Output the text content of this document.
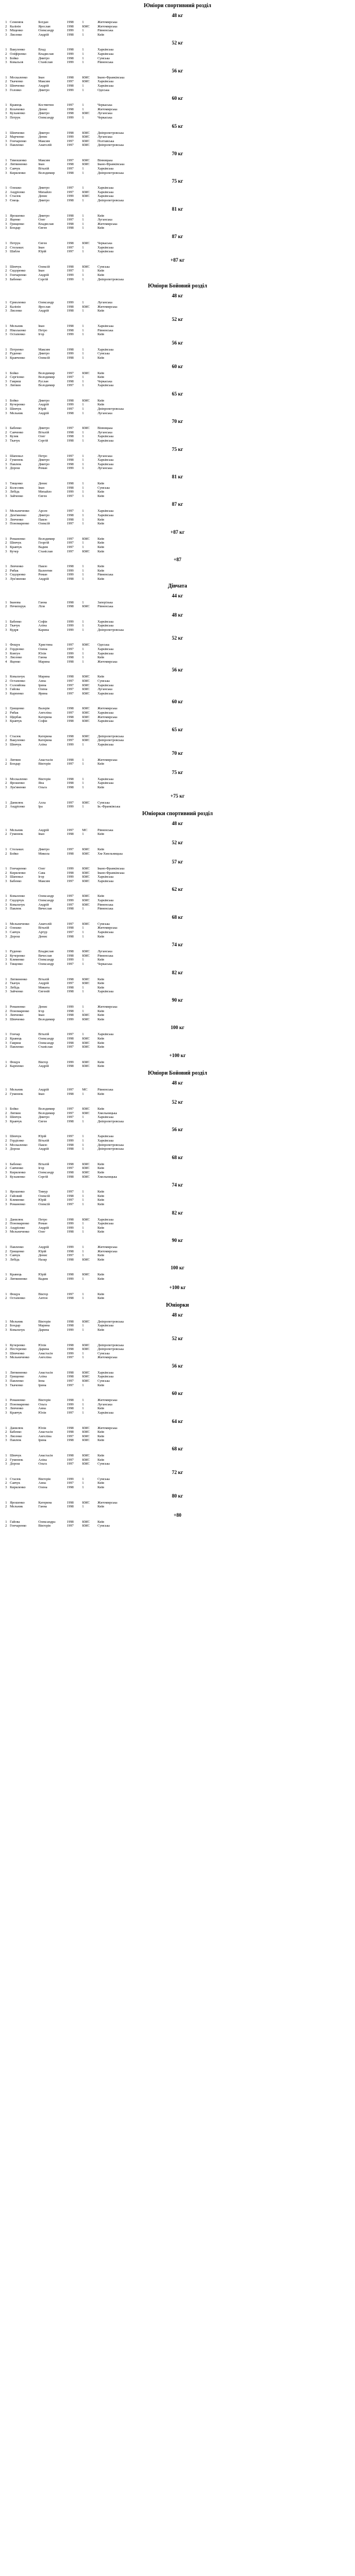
Юніори спортивний розділ
48 кг
1	Семенюк	Богдан	1998	1	Житомирська
2	Калінін	Ярослав	1998	КМС	Житомирська
3	Міщенко	Олександр	1999	1	Рівненська
3	Лисенко	Андрій	1998	1	Київ
52 кг
1	Вакуленко	Влад	1998	1	Харківська
2	Оліфіренко	Владислав	1999	1	Харківська
3	Бойко	Дмитро	1998	1	Сумська
3	Ковальов	Станіслав	1999	1	Рівненська
56 кг
1	Москаленко	Іван	1998	КМС	Івано-Франківська
2	Ткаченко	Максим	1997	КМС	Харківська
3	Шевченко	Андрій	1998	1	Харківська
3	Головко	Дмитро	1999	1	Одеська
60 кг
1	Кравець	Костянтин	1997	1	Черкаська
2	Козаченко	Денис	1998	1	Житомирська
3	Кузьменко	Дмитро	1998	КМС	Луганська
3	Петрук	Олександр	1999	1	Черкаська
65 кг
1	Шевченко	Дмитро	1998	КМС	Дніпропетровська
2	Марченко	Денис	1999	КМС	Луганська
3	Гончаренко	Максим	1997	КМС	Полтавська
3	Павленко	Анатолій	1997	КМС	Дніпропетровська
70 кг
1	Тимошенко	Максим	1997	КМС	Вінницька
2	Литвиненко	Іван	1998	КМС	Івано-Франківська
3	Савчук	Віталій	1997	1	Харківська
3	Кириленко	Володимир	1998	1	Дніпропетровська
75 кг
1	Олешко	Дмитро	1997	1	Харківська
2	Андрієнко	Михайло	1997	КМС	Харківська
3	Стасюк	Денис	1999	КМС	Харківська
3	Ємець	Дмитро	1998	1	Дніпропетровська
81 кг
1	Ярошенко	Дмитро	1998	1	Київ
2	Яценко	Олег	1997	1	Луганська
3	Грищенко	Владислав	1998	1	Житомирська
3	Бондар	Євген	1998	1	Київ
87 кг
1	Петрук	Євген	1998	КМС	Черкаська
2	Стельмах	Іван	1997	1	Харківська
3	Шабля	Юрій	1997	1	Харківська
+87 кг
1	Шевчук	Олексій	1998	КМС	Сумська
2	Сидоренко	Іван	1997	1	Київ
3	Гончаренко	Андрій	1999	1	Київ
3	Бабенко	Сергій	1999	1	Дніпропетровська
Юніори Бойовий розділ
48 кг
1	Єрмоленко	Олександр	1999	1	Луганська
2	Калінін	Ярослав	1998	КМС	Житомирська
3	Лисенко	Андрій	1998	1	Київ
52 кг
1	Мельник	Іван	1998	1	Харківська
2	Ніколаєнко	Петро	1998	1	Рівненська
3	Остапенко	Ігор	1999	1	Київ
56 кг
1	Петренко	Максим	1998	1	Харківська
2	Руденко	Дмитро	1999	1	Сумська
3	Кравченко	Олексій	1998	1	Київ
60 кг
1	Бойко	Володимир	1997	КМС	Київ
2	Сергієнко	Володимир	1997	1	Київ
3	Гавриш	Руслан	1998	1	Черкаська
3	Литвин	Володимир	1997	1	Харківська
65 кг
1	Бойко	Дмитро	1998	КМС	Київ
2	Кучеренко	Андрій	1999	1	Київ
3	Шевчук	Юрій	1997	1	Дніпропетровська
3	Мельник	Андрій	1998	1	Луганська
70 кг
1	Бабенко	Дмитро	1997	КМС	Вінницька
2	Савченко	Віталій	1998	1	Луганська
3	Кузик	Олег	1998	1	Харківська
3	Ткачук	Сергій	1998	1	Харківська
75 кг
1	Шаповал	Петро	1997	1	Луганська
2	Гуменюк	Дмитро	1998	1	Харківська
3	Павлюк	Дмитро	1998	1	Харківська
3	Дорош	Роман	1999	1	Луганська
81 кг
1	Тищенко	Денис	1998	1	Київ
2	Колесник	Іван	1998	1	Сумська
3	Лебідь	Михайло	1999	1	Київ
3	Зайченко	Євген	1997	1	Київ
87 кг
1	Мельниченко	Арсен	1997	1	Харківська
2	Дем'яненко	Дмитро	1998	1	Харківська
3	Левченко	Павло	1998	1	Київ
3	Пономаренко	Олексій	1997	1	Київ
+87 кг
1	Романенко	Володимир	1997	КМС	Київ
2	Шевчук	Георгій	1997	1	Київ
3	Кравчук	Вадим	1997	1	Київ
3	Кучер	Станіслав	1997	КМС	Київ
+87
1	Левченко	Павло	1998	1	Київ
2	Рибак	Валентин	1999	1	Київ
3	Сидоренко	Роман	1999	1	Рівненська
3	Лук'яненко	Андрій	1998	1	Київ
Дівчата
44 кг
1	Іванова	Ганна	1998	1	Запорізька
2	Нечипорук	Ліля	1998	КМС	Рівненська
48 кг
1	Бабенко	Софія	1999	1	Харківська
2	Ткачук	Аліна	1999	1	Харківська
3	Кудря	Карина	1999	1	Дніпропетровська
52 кг
1	Фещук	Христина	1997	КМС	Одеська
2	Гордієнко	Олена	1997	1	Харківська
3	Ковтун	Юлія	1999	1	Харківська
3	Лисенко	Ганна	1998	1	Київ
4	Яценко	Марина	1998	1	Житомирська
56 кг
1	Ковальчук	Марина	1998	КМС	Київ
2	Остапенко	Анна	1997	КМС	Сумська
3	Соловйова	Ірина	1997	КМС	Харківська
3	Гайова	Олена	1997	КМС	Луганська
3	Карпенко	Ярина	1997	КМС	Харківська
60 кг
1	Грищенко	Валерія	1998	КМС	Житомирська
2	Рибак	Ангеліна	1997	КМС	Харківська
3	Щербак	Катерина	1998	КМС	Житомирська
3	Кравчук	Софія	1998	КМС	Харківська
65 кг
1	Стасюк	Катерина	1998	КМС	Дніпропетровська
2	Вакуленко	Катерина	1997	КМС	Дніпропетровська
3	Шевчук	Аліна	1999	1	Харківська
70 кг
1	Литвин	Анастасія	1998	1	Житомирська
2	Бондар	Вікторія	1997	1	Київ
75 кг
1	Москаленко	Вікторія	1998	1	Харківська
2	Ярошенко	Яна	1998	1	Харківська
3	Лук'яненко	Ольга	1998	1	Київ
+75 кг
1	Данилюк	Алла	1997	КМС	Сумська
2	Андрієнко	Іра	1999	1	Ів.-Франківська
Юніорки спортивний розділ
48 кг
1	Мельник	Андрій	1997	МС	Рівненська
2	Гуменюк	Іван	1998	1	Київ
52 кг
1	Стельмах	Дмитро	1997	КМС	Київ
2	Бойко	Микола	1998	КМС	Хм-Хмельницька
57 кг
1	Гончаренко	Олег	1999	КМС	Івано-Франківська
2	Кириленко	Сава	1998	КМС	Івано-Франківська
3	Шаповал	Ігор	1999	КМС	Харківська
3	Бабенко	Максим	1997	КМС	Харківська
62 кг
1	Коваленко	Олександр	1997	КМС	Київ
2	Сидорчук	Олександр	1999	КМС	Харківська
3	Ковальчук	Андрій	1997	КМС	Рівненська
3	Павлюк	Вячеслав	1998	1	Рівненська
68 кг
1	Мельниченко	Анатолій	1997	КМС	Сумська
2	Олешко	Віталій	1998	1	Житомирська
3	Савчук	Артур	1997	1	Харківська
3	Дорош	Денис	1998	1	Київ
74 кг
1	Руденко	Владислав	1998	КМС	Луганська
2	Кучеренко	Вячеслав	1998	КМС	Рівненська
3	Клименко	Олександр	1999	1	Київ
3	Тищенко	Олександр	1997	1	Черкаська
82 кг
1	Литвиненко	Віталій	1998	КМС	Київ
2	Ткачук	Андрій	1997	КМС	Київ
3	Лебідь	Микита	1998	1	Київ
3	Зайченко	Євгеній	1998	1	Харківська
90 кг
1	Романенко	Денис	1999	1	Житомирська
2	Пономаренко	Ігор	1998	1	Київ
3	Левченко	Іван	1998	КМС	Київ
3	Шевченко	Володимир	1999	КМС	Київ
100 кг
1	Гончар	Віталій	1997	1	Харківська
2	Кравець	Олександр	1998	КМС	Київ
3	Гавриш	Олександр	1998	КМС	Київ
3	Павленко	Станіслав	1997	КМС	Київ
+100 кг
1	Фещук	Віктор	1999	КМС	Київ
2	Карпенко	Андрій	1998	КМС	Київ
Юніори Бойовий розділ
48 кг
1	Мельник	Андрій	1997	МС	Рівненська
2	Гуменюк	Іван	1998	1	Київ
52 кг
1	Бойко	Володимир	1997	КМС	Київ
2	Литвин	Володимир	1997	КМС	Хмельницька
3	Шевчук	Дмитро	1997	1	Харківська
3	Кравчук	Євген	1998	1	Дніпропетровська
56 кг
1	Шевчук	Юрій	1997	1	Харківська
2	Гордієнко	Віталій	1999	1	Харківська
3	Москаленко	Павло	1998	1	Дніпропетровська
3	Дорош	Андрій	1998	1	Дніпропетровська
68 кг
1	Бабенко	Віталій	1998	КМС	Київ
2	Савченко	Ігор	1997	КМС	Київ
3	Кириленко	Олександр	1998	КМС	Київ
3	Кузьменко	Сергій	1998	КМС	Хмельницька
74 кг
1	Ярошенко	Тимур	1997	1	Київ
2	Гайовий	Олексій	1998	1	Київ
3	Клименко	Юрій	1997	1	Київ
3	Романенко	Олексій	1997	1	Київ
82 кг
1	Данилюк	Петро	1998	КМС	Харківська
2	Пономаренко	Роман	1999	1	Харківська
3	Андрієнко	Андрій	1999	1	Київ
3	Мельниченко	Олег	1998	1	Київ
90 кг
1	Павленко	Андрій	1999	1	Житомирська
2	Грищенко	Юрій	1998	1	Житомирська
3	Савчук	Денис	1997	1	Київ
3	Лебідь	Назар	1998	КМС	Київ
100 кг
1	Кравець	Юрій	1998	КМС	Київ
2	Литвиненко	Вадим	1999	1	Київ
+100 кг
1	Фещук	Віктор	1997	1	Київ
2	Остапенко	Антон	1998	1	Київ
Юніорки
48 кг
1	Мельник	Вікторія	1998	КМС	Дніпропетровська
2	Бондар	Марина	1998	1	Харківська
3	Ковальчук	Дарина	1999	1	Київ
52 кг
1	Кучеренко	Юлія	1998	КМС	Дніпропетровська
2	Нестеренко	Дарина	1998	КМС	Дніпропетровська
3	Шевченко	Анастасія	1999	1	Сумська
3	Мельниченко	Ангеліна	1997	1	Житомирська
56 кг
1	Литвиненко	Анастасія	1998	КМС	Харківська
2	Грищенко	Аліна	1998	КМС	Харківська
3	Павленко	Інна	1997	КМС	Сумська
3	Ткаченко	Ірина	1997	1	Київ
60 кг
1	Романенко	Вікторія	1998	1	Житомирська
2	Пономаренко	Ольга	1999	1	Луганська
3	Левченко	Анна	1998	1	Київ
3	Кравчук	Юлія	1997	1	Харківська
64 кг
1	Данилюк	Юлія	1998	КМС	Житомирська
2	Бабенко	Анастасія	1998	КМС	Київ
3	Лисенко	Ангеліна	1997	КМС	Київ
3	Павлюк	Ірина	1998	КМС	Київ
68 кг
1	Шевчук	Анастасія	1998	КМС	Київ
2	Гуменюк	Аліна	1997	КМС	Київ
3	Дорош	Ольга	1997	КМС	Сумська
72 кг
1	Стасюк	Вікторія	1999	1	Сумська
2	Савчук	Анна	1997	1	Київ
3	Кириленко	Олена	1998	1	Київ
80 кг
1	Ярошенко	Катерина	1998	КМС	Житомирська
2	Мельник	Ганна	1998	1	Київ
+80
1	Гайова	Олександра	1998	КМС	Київ
2	Гончаренко	Вікторія	1997	КМС	Сумська
